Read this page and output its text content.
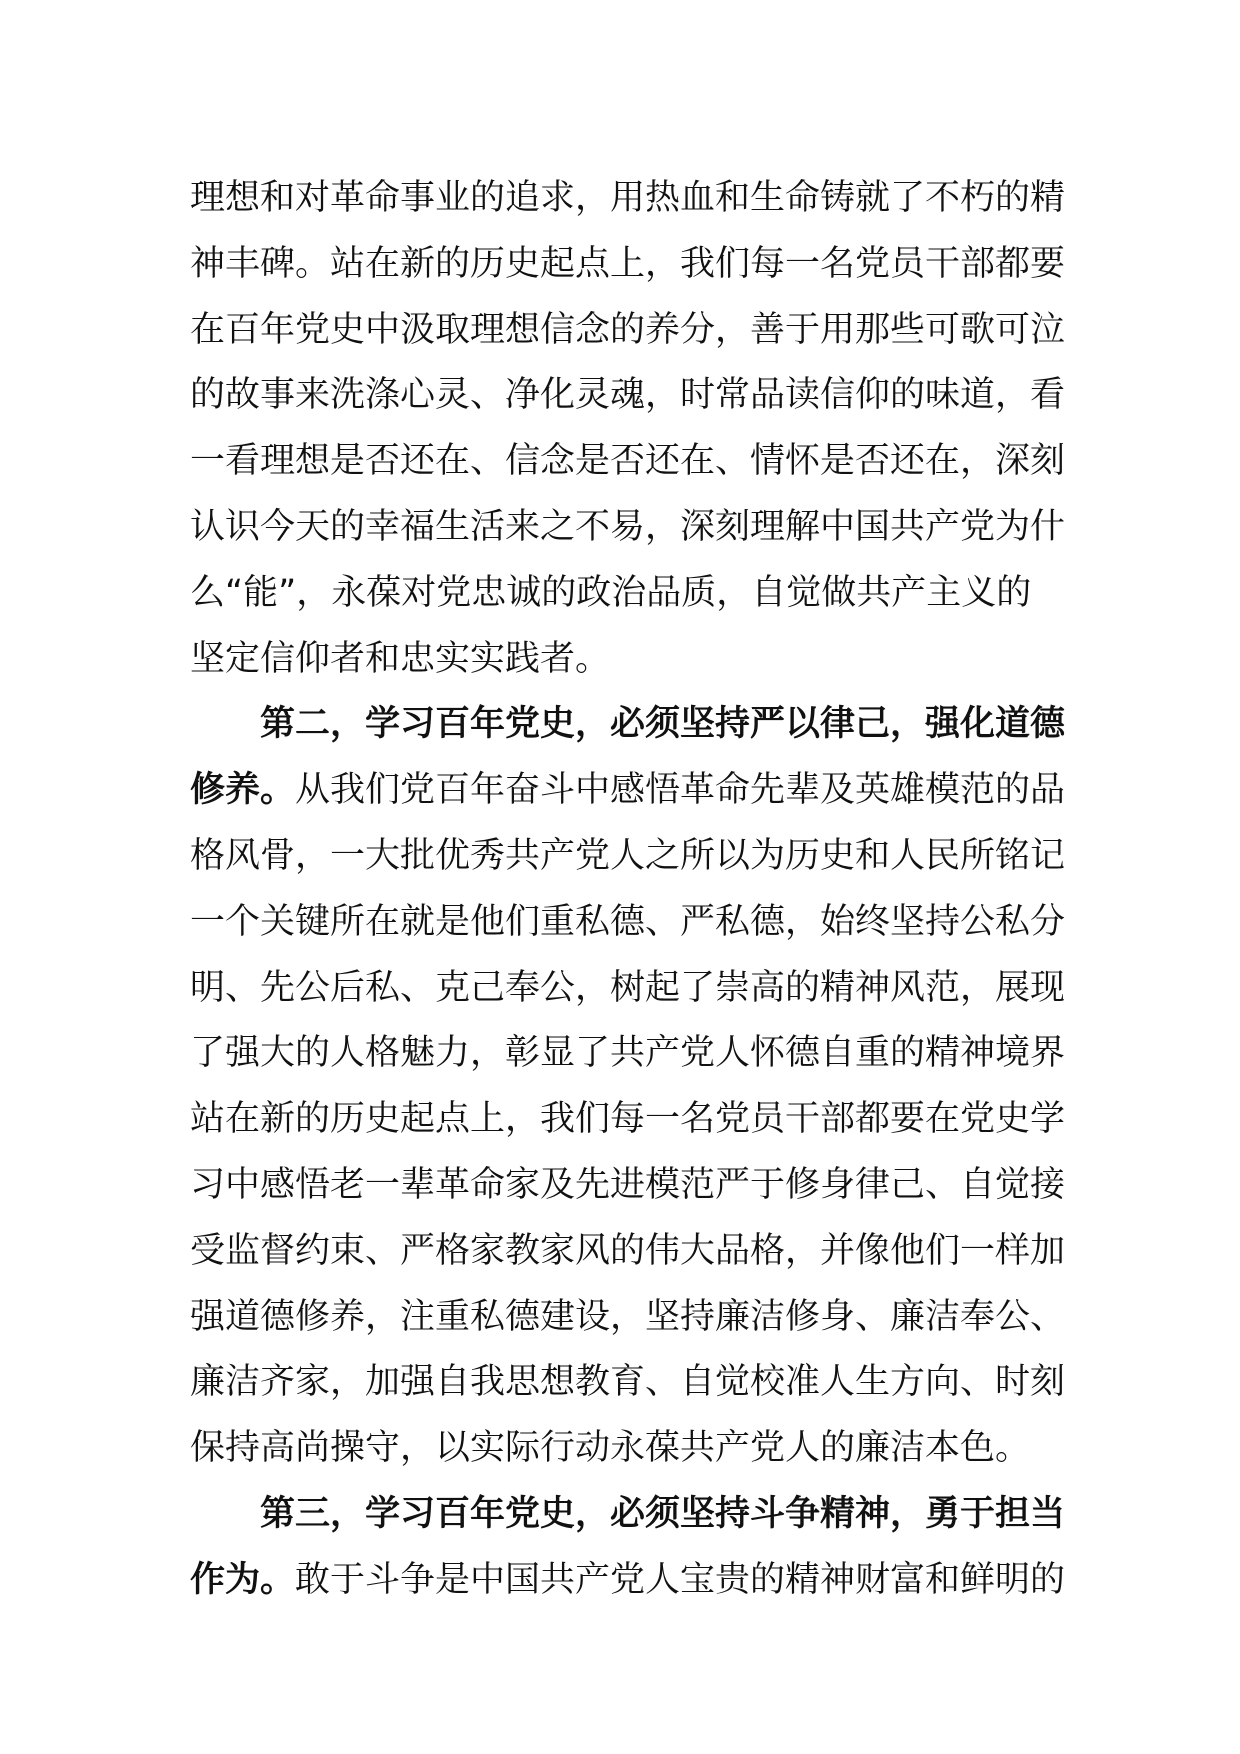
理想和对革命事业的追求，用热血和生命铸就了不朽的精
神丰碑。站在新的历史起点上，我们每一名党员干部都要
在百年党史中汲取理想信念的养分，善于用那些可歌可泣
的故事来洗涤心灵、净化灵魂，时常品读信仰的味道，看
一看理想是否还在、信念是否还在、情怀是否还在，深刻
认识今天的幸福生活来之不易，深刻理解中国共产党为什
么“能”，永葆对党忠诚的政治品质，自觉做共产主义的
坚定信仰者和忠实实践者。
第二，学习百年党史，必须坚持严以律己，强化道德
修养。从我们党百年奋斗中感悟革命先辈及英雄模范的品
格风骨，一大批优秀共产党人之所以为历史和人民所铭记
一个关键所在就是他们重私德、严私德，始终坚持公私分
明、先公后私、克己奉公，树起了崇高的精神风范，展现
了强大的人格魅力，彰显了共产党人怀德自重的精神境界
站在新的历史起点上，我们每一名党员干部都要在党史学
习中感悟老一辈革命家及先进模范严于修身律己、自觉接
受监督约束、严格家教家风的伟大品格，并像他们一样加
强道德修养，注重私德建设，坚持廉洁修身、廉洁奉公、
廉洁齐家，加强自我思想教育、自觉校准人生方向、时刻
保持高尚操守，以实际行动永葆共产党人的廉洁本色。
第三，学习百年党史，必须坚持斗争精神，勇于担当
作为。敢于斗争是中国共产党人宝贵的精神财富和鲜明的
